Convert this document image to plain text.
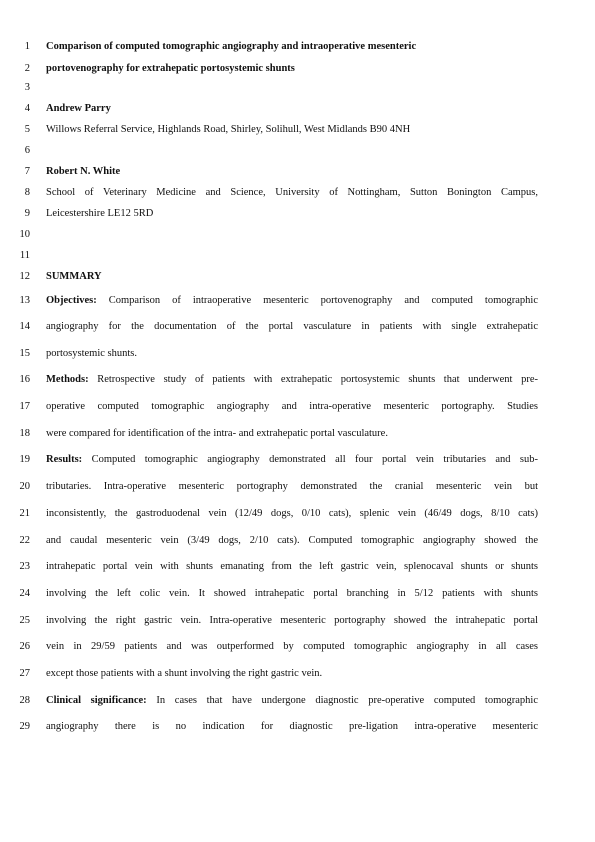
1 Comparison of computed tomographic angiography and intraoperative mesenteric
2 portovenography for extrahepatic portosystemic shunts
3
4 Andrew Parry
5 Willows Referral Service, Highlands Road, Shirley, Solihull, West Midlands B90 4NH
6
7 Robert N. White
8 School of Veterinary Medicine and Science, University of Nottingham, Sutton Bonington Campus,
9 Leicestershire LE12 5RD
10
11
12 SUMMARY
13 Objectives: Comparison of intraoperative mesenteric portovenography and computed tomographic
14 angiography for the documentation of the portal vasculature in patients with single extrahepatic
15 portosystemic shunts.
16 Methods: Retrospective study of patients with extrahepatic portosystemic shunts that underwent pre-
17 operative computed tomographic angiography and intra-operative mesenteric portography. Studies
18 were compared for identification of the intra- and extrahepatic portal vasculature.
19 Results: Computed tomographic angiography demonstrated all four portal vein tributaries and sub-
20 tributaries. Intra-operative mesenteric portography demonstrated the cranial mesenteric vein but
21 inconsistently, the gastroduodenal vein (12/49 dogs, 0/10 cats), splenic vein (46/49 dogs, 8/10 cats)
22 and caudal mesenteric vein (3/49 dogs, 2/10 cats). Computed tomographic angiography showed the
23 intrahepatic portal vein with shunts emanating from the left gastric vein, splenocaval shunts or shunts
24 involving the left colic vein. It showed intrahepatic portal branching in 5/12 patients with shunts
25 involving the right gastric vein. Intra-operative mesenteric portography showed the intrahepatic portal
26 vein in 29/59 patients and was outperformed by computed tomographic angiography in all cases
27 except those patients with a shunt involving the right gastric vein.
28 Clinical significance: In cases that have undergone diagnostic pre-operative computed tomographic
29 angiography there is no indication for diagnostic pre-ligation intra-operative mesenteric
